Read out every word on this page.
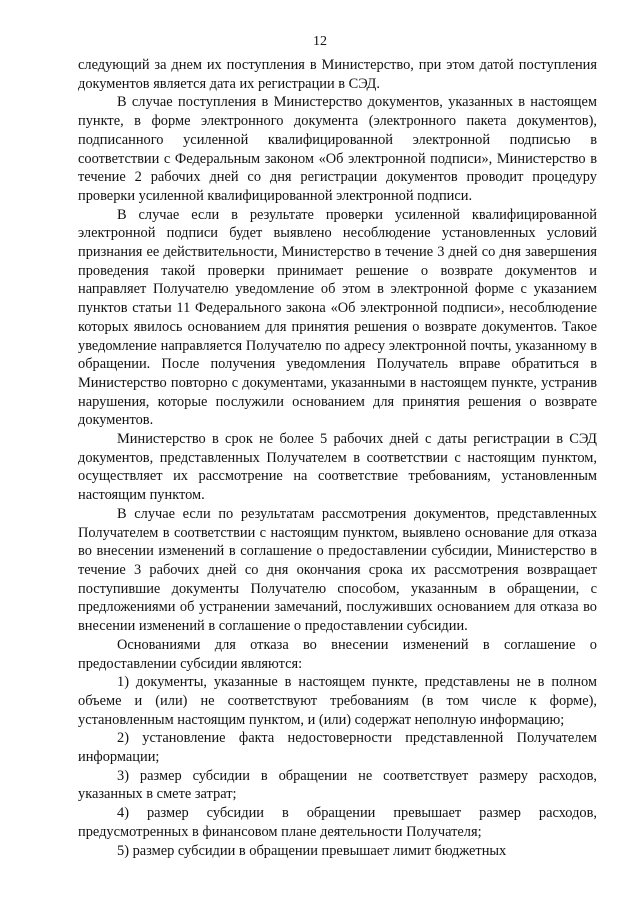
12

следующий за днем их поступления в Министерство, при этом датой поступления документов является дата их регистрации в СЭД.

В случае поступления в Министерство документов, указанных в настоящем пункте, в форме электронного документа (электронного пакета документов), подписанного усиленной квалифицированной электронной подписью в соответствии с Федеральным законом «Об электронной подписи», Министерство в течение 2 рабочих дней со дня регистрации документов проводит процедуру проверки усиленной квалифицированной электронной подписи.

В случае если в результате проверки усиленной квалифицированной электронной подписи будет выявлено несоблюдение установленных условий признания ее действительности, Министерство в течение 3 дней со дня завершения проведения такой проверки принимает решение о возврате документов и направляет Получателю уведомление об этом в электронной форме с указанием пунктов статьи 11 Федерального закона «Об электронной подписи», несоблюдение которых явилось основанием для принятия решения о возврате документов. Такое уведомление направляется Получателю по адресу электронной почты, указанному в обращении. После получения уведомления Получатель вправе обратиться в Министерство повторно с документами, указанными в настоящем пункте, устранив нарушения, которые послужили основанием для принятия решения о возврате документов.

Министерство в срок не более 5 рабочих дней с даты регистрации в СЭД документов, представленных Получателем в соответствии с настоящим пунктом, осуществляет их рассмотрение на соответствие требованиям, установленным настоящим пунктом.

В случае если по результатам рассмотрения документов, представленных Получателем в соответствии с настоящим пунктом, выявлено основание для отказа во внесении изменений в соглашение о предоставлении субсидии, Министерство в течение 3 рабочих дней со дня окончания срока их рассмотрения возвращает поступившие документы Получателю способом, указанным в обращении, с предложениями об устранении замечаний, послуживших основанием для отказа во внесении изменений в соглашение о предоставлении субсидии.

Основаниями для отказа во внесении изменений в соглашение о предоставлении субсидии являются:

1) документы, указанные в настоящем пункте, представлены не в полном объеме и (или) не соответствуют требованиям (в том числе к форме), установленным настоящим пунктом, и (или) содержат неполную информацию;

2) установление факта недостоверности представленной Получателем информации;

3) размер субсидии в обращении не соответствует размеру расходов, указанных в смете затрат;

4) размер субсидии в обращении превышает размер расходов, предусмотренных в финансовом плане деятельности Получателя;

5) размер субсидии в обращении превышает лимит бюджетных
